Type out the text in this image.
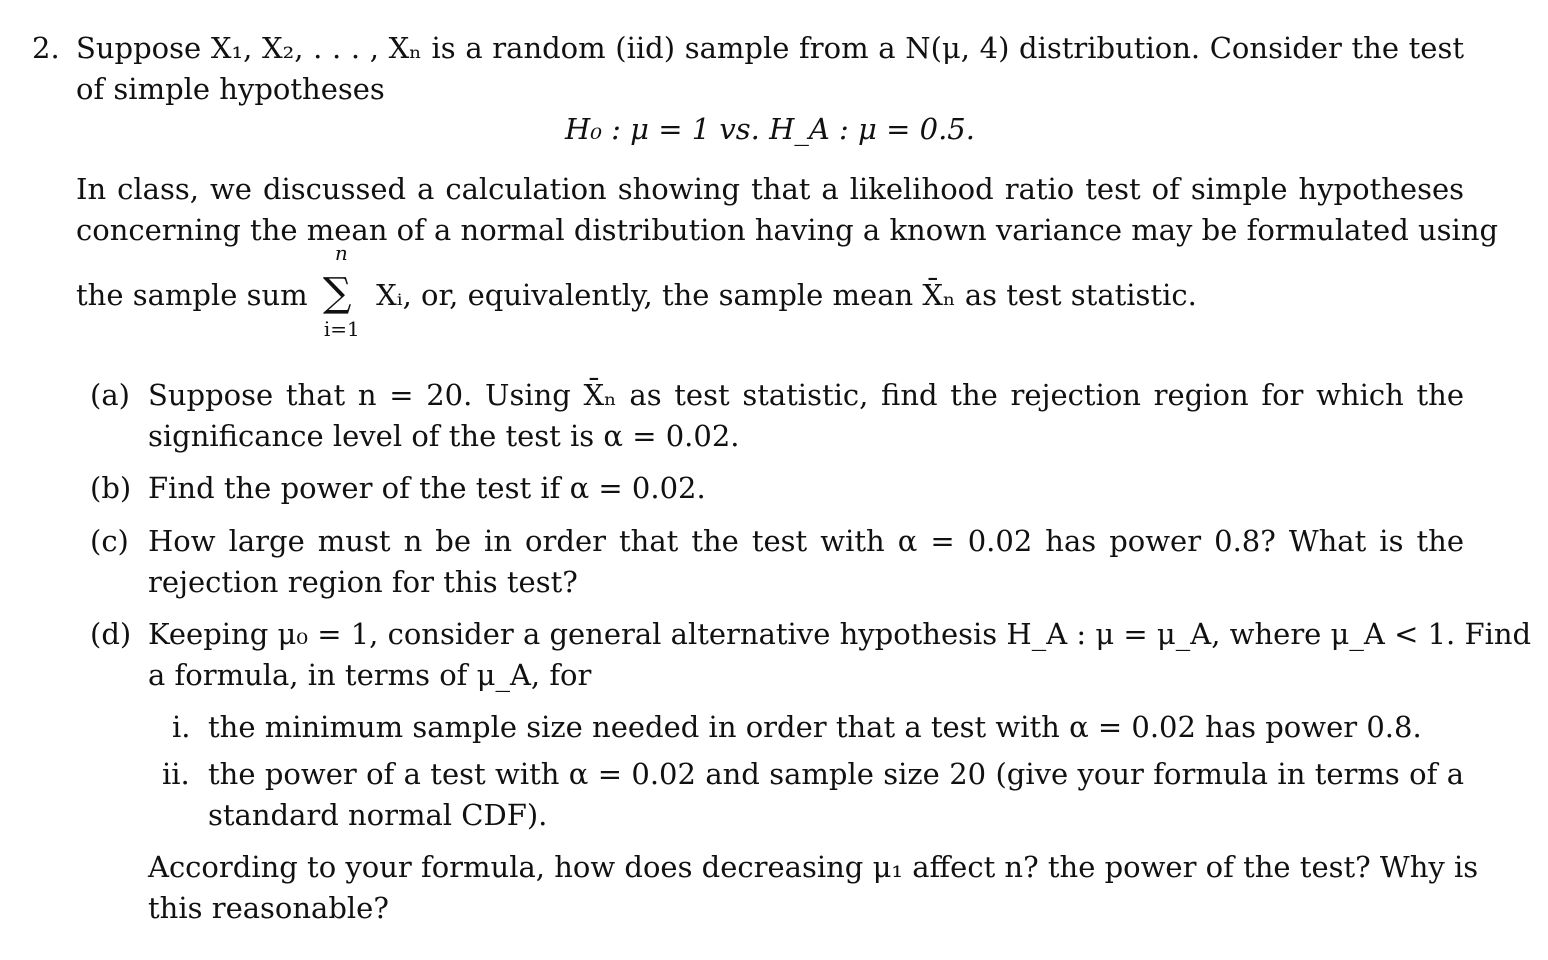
2. Suppose X₁, X₂, . . . , Xₙ is a random (iid) sample from a N(μ, 4) distribution. Consider the test
of simple hypotheses
H₀ : μ = 1 vs. H_A : μ = 0.5.
In class, we discussed a calculation showing that a likelihood ratio test of simple hypotheses
concerning the mean of a normal distribution having a known variance may be formulated using
the sample sum
n
∑
i=1
Xᵢ, or, equivalently, the sample mean X̄ₙ as test statistic.
(a) Suppose that n = 20. Using X̄ₙ as test statistic, find the rejection region for which the
significance level of the test is α = 0.02.
(b) Find the power of the test if α = 0.02.
(c) How large must n be in order that the test with α = 0.02 has power 0.8? What is the
rejection region for this test?
(d) Keeping μ₀ = 1, consider a general alternative hypothesis H_A : μ = μ_A, where μ_A < 1. Find
a formula, in terms of μ_A, for
i. the minimum sample size needed in order that a test with α = 0.02 has power 0.8.
ii. the power of a test with α = 0.02 and sample size 20 (give your formula in terms of a
standard normal CDF).
According to your formula, how does decreasing μ₁ affect n? the power of the test? Why is
this reasonable?
